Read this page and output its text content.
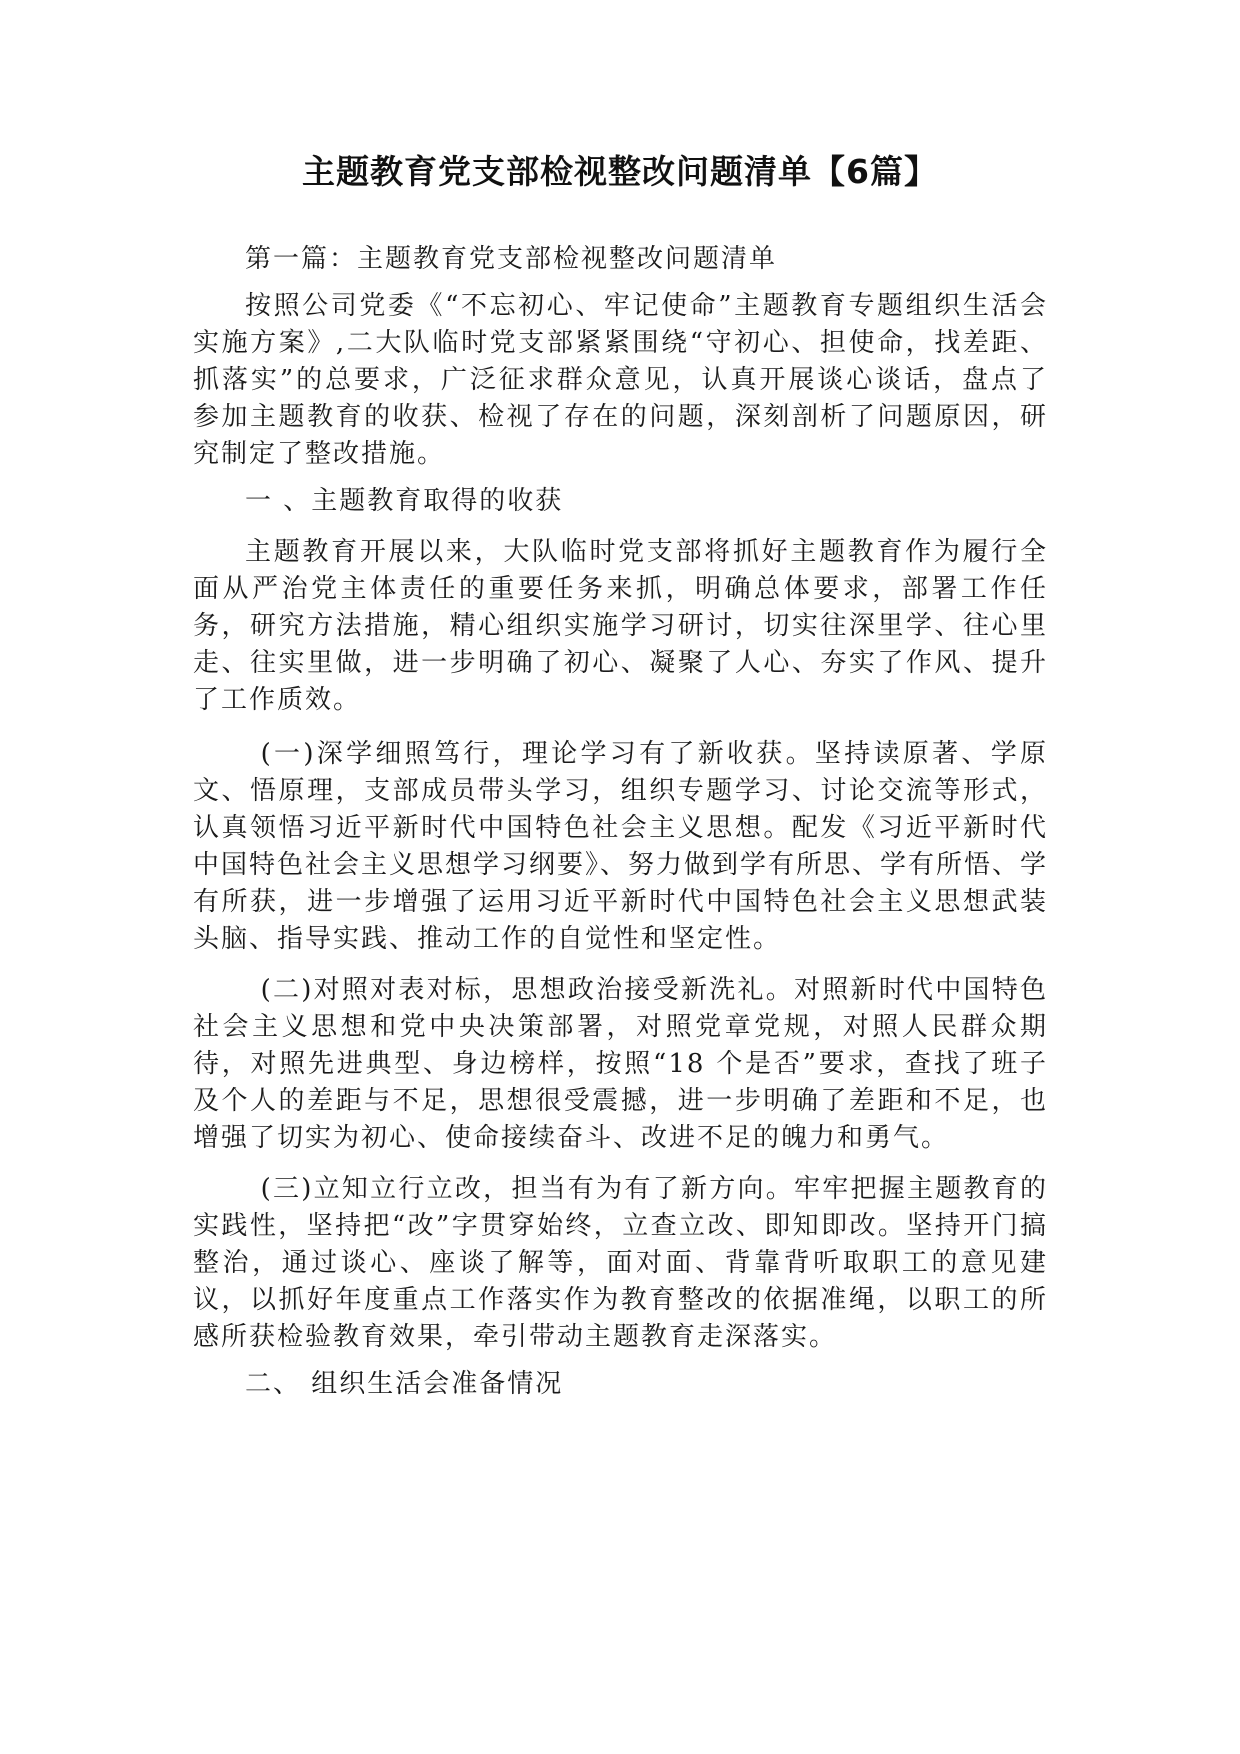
主题教育党支部检视整改问题清单【6篇】

第一篇：主题教育党支部检视整改问题清单

按照公司党委《“不忘初心、牢记使命”主题教育专题组织生活会实施方案》,二大队临时党支部紧紧围绕“守初心、担使命，找差距、抓落实”的总要求，广泛征求群众意见，认真开展谈心谈话，盘点了参加主题教育的收获、检视了存在的问题，深刻剖析了问题原因，研究制定了整改措施。

一 、主题教育取得的收获

主题教育开展以来，大队临时党支部将抓好主题教育作为履行全面从严治党主体责任的重要任务来抓，明确总体要求，部署工作任务，研究方法措施，精心组织实施学习研讨，切实往深里学、往心里走、往实里做，进一步明确了初心、凝聚了人心、夯实了作风、提升了工作质效。

(一)深学细照笃行，理论学习有了新收获。坚持读原著、学原文、悟原理，支部成员带头学习，组织专题学习、讨论交流等形式，认真领悟习近平新时代中国特色社会主义思想。配发《习近平新时代中国特色社会主义思想学习纲要》、努力做到学有所思、学有所悟、学有所获，进一步增强了运用习近平新时代中国特色社会主义思想武装头脑、指导实践、推动工作的自觉性和坚定性。

(二)对照对表对标，思想政治接受新洗礼。对照新时代中国特色社会主义思想和党中央决策部署，对照党章党规，对照人民群众期待，对照先进典型、身边榜样，按照“18 个是否”要求，查找了班子及个人的差距与不足，思想很受震撼，进一步明确了差距和不足，也增强了切实为初心、使命接续奋斗、改进不足的魄力和勇气。

(三)立知立行立改，担当有为有了新方向。牢牢把握主题教育的实践性，坚持把“改”字贯穿始终，立查立改、即知即改。坚持开门搞整治，通过谈心、座谈了解等，面对面、背靠背听取职工的意见建议，以抓好年度重点工作落实作为教育整改的依据准绳，以职工的所感所获检验教育效果，牵引带动主题教育走深落实。

二、 组织生活会准备情况
